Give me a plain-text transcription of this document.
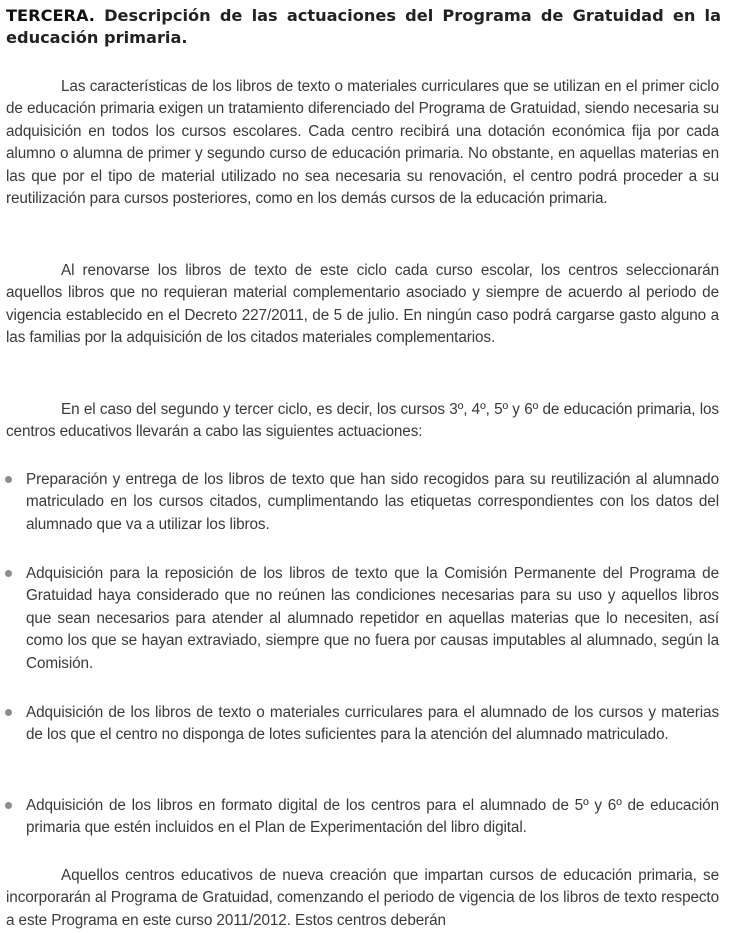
TERCERA. Descripción de las actuaciones del Programa de Gratuidad en la educación primaria.

Las características de los libros de texto o materiales curriculares que se utilizan en el primer ciclo de educación primaria exigen un tratamiento diferenciado del Programa de Gratuidad, siendo necesaria su adquisición en todos los cursos escolares. Cada centro recibirá una dotación económica fija por cada alumno o alumna de primer y segundo curso de educación primaria. No obstante, en aquellas materias en las que por el tipo de material utilizado no sea necesaria su renovación, el centro podrá proceder a su reutilización para cursos posteriores, como en los demás cursos de la educación primaria.

Al renovarse los libros de texto de este ciclo cada curso escolar, los centros seleccionarán aquellos libros que no requieran material complementario asociado y siempre de acuerdo al periodo de vigencia establecido en el Decreto 227/2011, de 5 de julio. En ningún caso podrá cargarse gasto alguno a las familias por la adquisición de los citados materiales complementarios.

En el caso del segundo y tercer ciclo, es decir, los cursos 3º, 4º, 5º y 6º de educación primaria, los centros educativos llevarán a cabo las siguientes actuaciones:

Preparación y entrega de los libros de texto que han sido recogidos para su reutilización al alumnado matriculado en los cursos citados, cumplimentando las etiquetas correspondientes con los datos del alumnado que va a utilizar los libros.
Adquisición para la reposición de los libros de texto que la Comisión Permanente del Programa de Gratuidad haya considerado que no reúnen las condiciones necesarias para su uso y aquellos libros que sean necesarios para atender al alumnado repetidor en aquellas materias que lo necesiten, así como los que se hayan extraviado, siempre que no fuera por causas imputables al alumnado, según la Comisión.
Adquisición de los libros de texto o materiales curriculares para el alumnado de los cursos y materias de los que el centro no disponga de lotes suficientes para la atención del alumnado matriculado.
Adquisición de los libros en formato digital de los centros para el alumnado de 5º y 6º de educación primaria que estén incluidos en el Plan de Experimentación del libro digital.

Aquellos centros educativos de nueva creación que impartan cursos de educación primaria, se incorporarán al Programa de Gratuidad, comenzando el periodo de vigencia de los libros de texto respecto a este Programa en este curso 2011/2012. Estos centros deberán
